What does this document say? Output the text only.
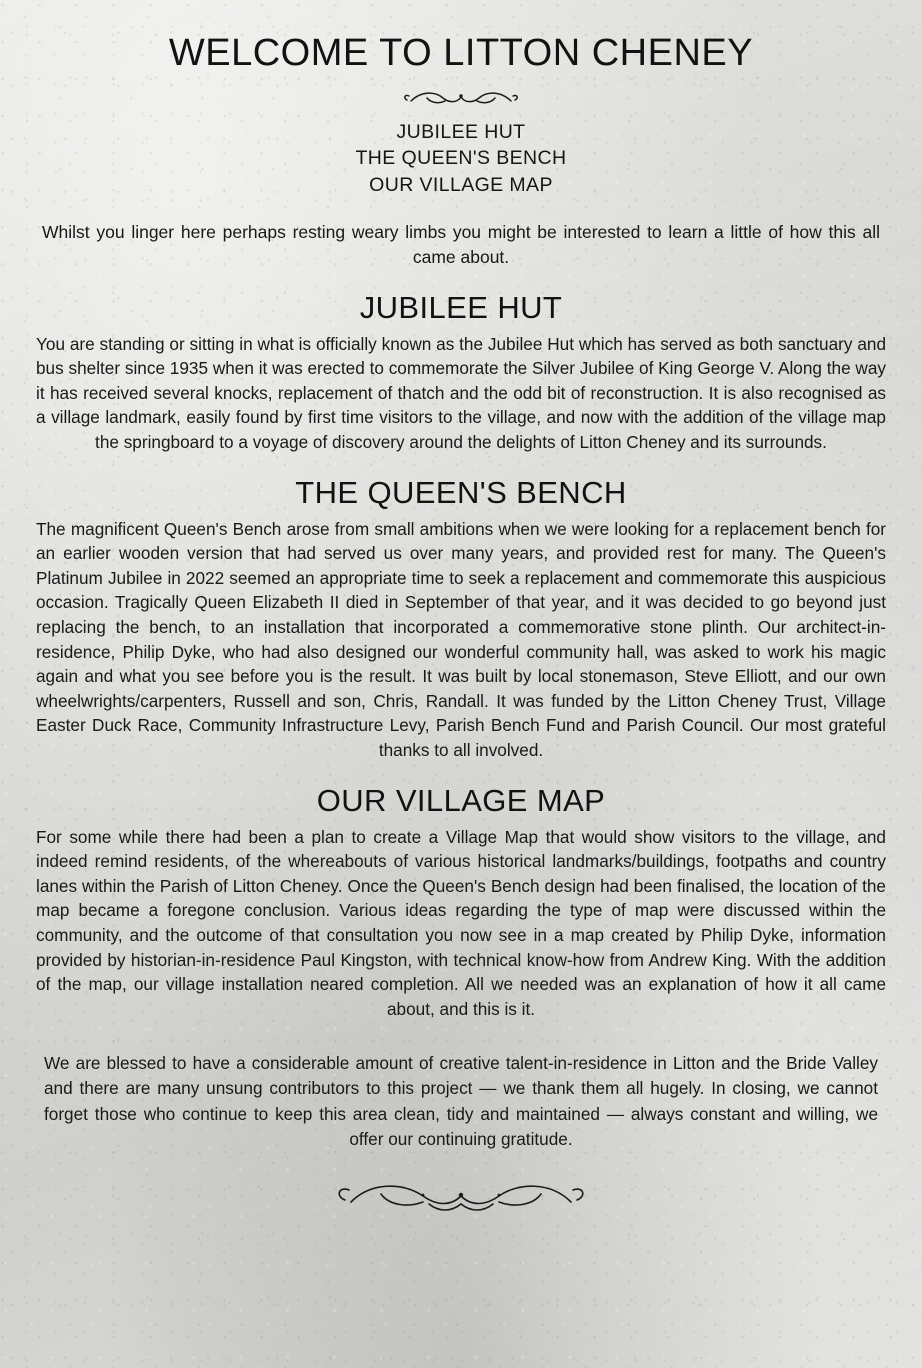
WELCOME TO LITTON CHENEY
JUBILEE HUT
THE QUEEN'S BENCH
OUR VILLAGE MAP

Whilst you linger here perhaps resting weary limbs you might be interested to learn a little of how this all came about.

JUBILEE HUT

You are standing or sitting in what is officially known as the Jubilee Hut which has served as both sanctuary and bus shelter since 1935 when it was erected to commemorate the Silver Jubilee of King George V. Along the way it has received several knocks, replacement of thatch and the odd bit of reconstruction. It is also recognised as a village landmark, easily found by first time visitors to the village, and now with the addition of the village map the springboard to a voyage of discovery around the delights of Litton Cheney and its surrounds.

THE QUEEN'S BENCH

The magnificent Queen's Bench arose from small ambitions when we were looking for a replacement bench for an earlier wooden version that had served us over many years, and provided rest for many. The Queen's Platinum Jubilee in 2022 seemed an appropriate time to seek a replacement and commemorate this auspicious occasion. Tragically Queen Elizabeth II died in September of that year, and it was decided to go beyond just replacing the bench, to an installation that incorporated a commemorative stone plinth. Our architect-in-residence, Philip Dyke, who had also designed our wonderful community hall, was asked to work his magic again and what you see before you is the result. It was built by local stonemason, Steve Elliott, and our own wheelwrights/carpenters, Russell and son, Chris, Randall. It was funded by the Litton Cheney Trust, Village Easter Duck Race, Community Infrastructure Levy, Parish Bench Fund and Parish Council. Our most grateful thanks to all involved.

OUR VILLAGE MAP

For some while there had been a plan to create a Village Map that would show visitors to the village, and indeed remind residents, of the whereabouts of various historical landmarks/buildings, footpaths and country lanes within the Parish of Litton Cheney. Once the Queen's Bench design had been finalised, the location of the map became a foregone conclusion. Various ideas regarding the type of map were discussed within the community, and the outcome of that consultation you now see in a map created by Philip Dyke, information provided by historian-in-residence Paul Kingston, with technical know-how from Andrew King. With the addition of the map, our village installation neared completion. All we needed was an explanation of how it all came about, and this is it.

We are blessed to have a considerable amount of creative talent-in-residence in Litton and the Bride Valley and there are many unsung contributors to this project — we thank them all hugely. In closing, we cannot forget those who continue to keep this area clean, tidy and maintained — always constant and willing, we offer our continuing gratitude.
